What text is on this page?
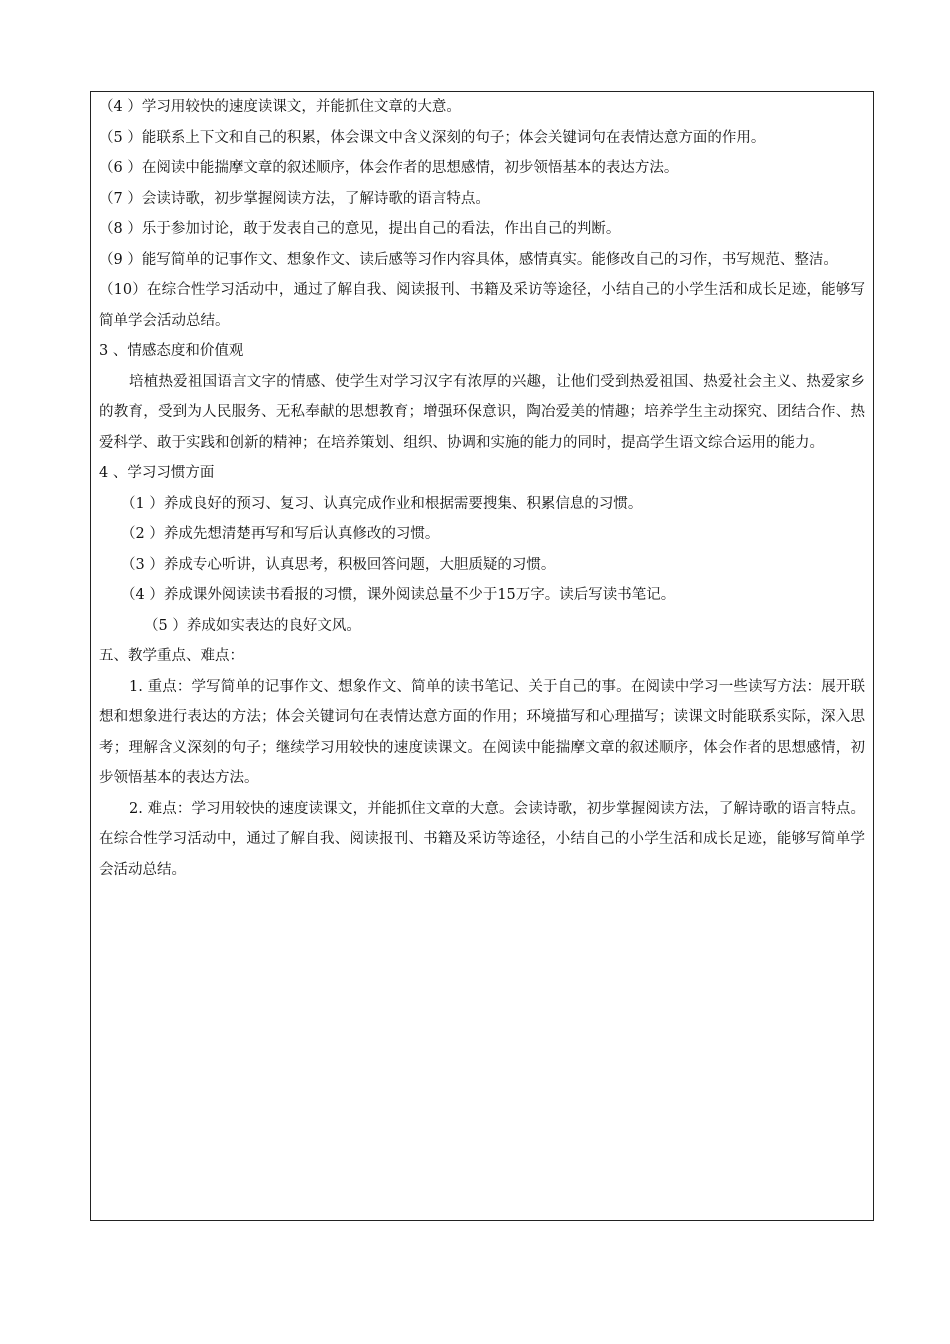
（4 ）学习用较快的速度读课文，并能抓住文章的大意。

（5 ）能联系上下文和自己的积累，体会课文中含义深刻的句子；体会关键词句在表情达意方面的作用。

（6 ）在阅读中能揣摩文章的叙述顺序，体会作者的思想感情，初步领悟基本的表达方法。

（7 ）会读诗歌，初步掌握阅读方法，了解诗歌的语言特点。

（8 ）乐于参加讨论，敢于发表自己的意见，提出自己的看法，作出自己的判断。

（9 ）能写简单的记事作文、想象作文、读后感等习作内容具体，感情真实。能修改自己的习作，书写规范、整洁。

（10）在综合性学习活动中，通过了解自我、阅读报刊、书籍及采访等途径，小结自己的小学生活和成长足迹，能够写简单学会活动总结。

3 、情感态度和价值观

培植热爱祖国语言文字的情感、使学生对学习汉字有浓厚的兴趣，让他们受到热爱祖国、热爱社会主义、热爱家乡的教育，受到为人民服务、无私奉献的思想教育；增强环保意识，陶冶爱美的情趣；培养学生主动探究、团结合作、热爱科学、敢于实践和创新的精神；在培养策划、组织、协调和实施的能力的同时，提高学生语文综合运用的能力。

4 、学习习惯方面

（1 ）养成良好的预习、复习、认真完成作业和根据需要搜集、积累信息的习惯。

（2 ）养成先想清楚再写和写后认真修改的习惯。

（3 ）养成专心听讲，认真思考，积极回答问题，大胆质疑的习惯。

（4 ）养成课外阅读读书看报的习惯，课外阅读总量不少于15万字。读后写读书笔记。

（5 ）养成如实表达的良好文风。

五、教学重点、难点：

1. 重点：学写简单的记事作文、想象作文、简单的读书笔记、关于自己的事。在阅读中学习一些读写方法：展开联想和想象进行表达的方法；体会关键词句在表情达意方面的作用；环境描写和心理描写；读课文时能联系实际，深入思考；理解含义深刻的句子；继续学习用较快的速度读课文。在阅读中能揣摩文章的叙述顺序，体会作者的思想感情，初步领悟基本的表达方法。

2. 难点：学习用较快的速度读课文，并能抓住文章的大意。会读诗歌，初步掌握阅读方法，了解诗歌的语言特点。在综合性学习活动中，通过了解自我、阅读报刊、书籍及采访等途径，小结自己的小学生活和成长足迹，能够写简单学会活动总结。
